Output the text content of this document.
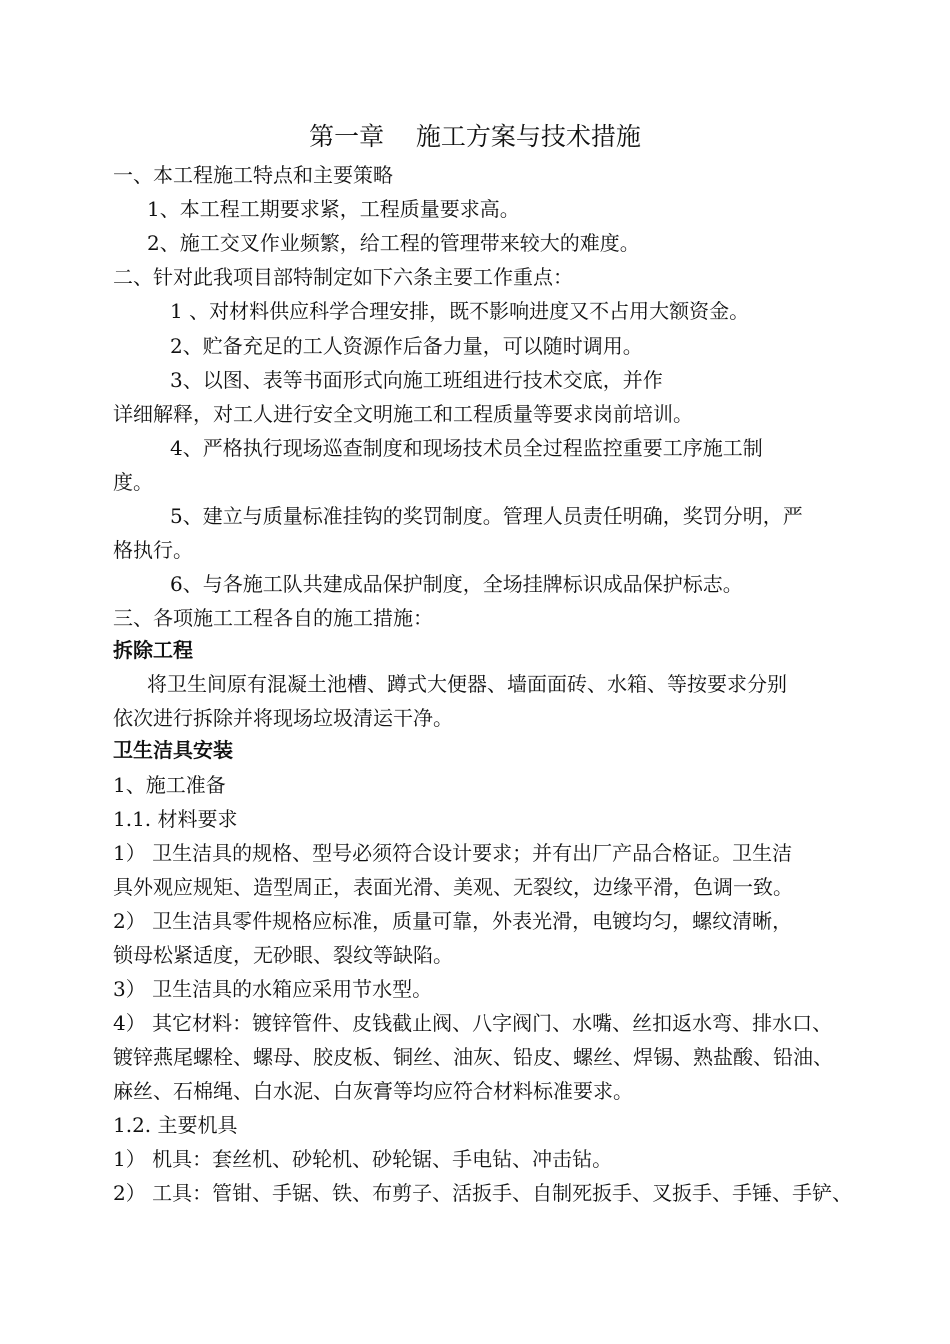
第一章    施工方案与技术措施
一、本工程施工特点和主要策略
1、本工程工期要求紧，工程质量要求高。
2、施工交叉作业频繁，给工程的管理带来较大的难度。
二、针对此我项目部特制定如下六条主要工作重点：
1 、对材料供应科学合理安排，既不影响进度又不占用大额资金。
2、贮备充足的工人资源作后备力量，可以随时调用。
3、以图、表等书面形式向施工班组进行技术交底，并作
详细解释，对工人进行安全文明施工和工程质量等要求岗前培训。
4、严格执行现场巡查制度和现场技术员全过程监控重要工序施工制
度。
5、建立与质量标准挂钩的奖罚制度。管理人员责任明确，奖罚分明，严
格执行。
6、与各施工队共建成品保护制度，全场挂牌标识成品保护标志。
三、各项施工工程各自的施工措施：
拆除工程
将卫生间原有混凝土池槽、蹲式大便器、墙面面砖、水箱、等按要求分别
依次进行拆除并将现场垃圾清运干净。
卫生洁具安装
1、施工准备
1.1. 材料要求
1） 卫生洁具的规格、型号必须符合设计要求；并有出厂产品合格证。卫生洁
具外观应规矩、造型周正，表面光滑、美观、无裂纹，边缘平滑，色调一致。
2） 卫生洁具零件规格应标准，质量可靠，外表光滑，电镀均匀，螺纹清晰，
锁母松紧适度，无砂眼、裂纹等缺陷。
3） 卫生洁具的水箱应采用节水型。
4） 其它材料：镀锌管件、皮钱截止阀、八字阀门、水嘴、丝扣返水弯、排水口、
镀锌燕尾螺栓、螺母、胶皮板、铜丝、油灰、铅皮、螺丝、焊锡、熟盐酸、铅油、
麻丝、石棉绳、白水泥、白灰膏等均应符合材料标准要求。
1.2. 主要机具
1） 机具：套丝机、砂轮机、砂轮锯、手电钻、冲击钻。
2） 工具：管钳、手锯、铁、布剪子、活扳手、自制死扳手、叉扳手、手锤、手铲、
